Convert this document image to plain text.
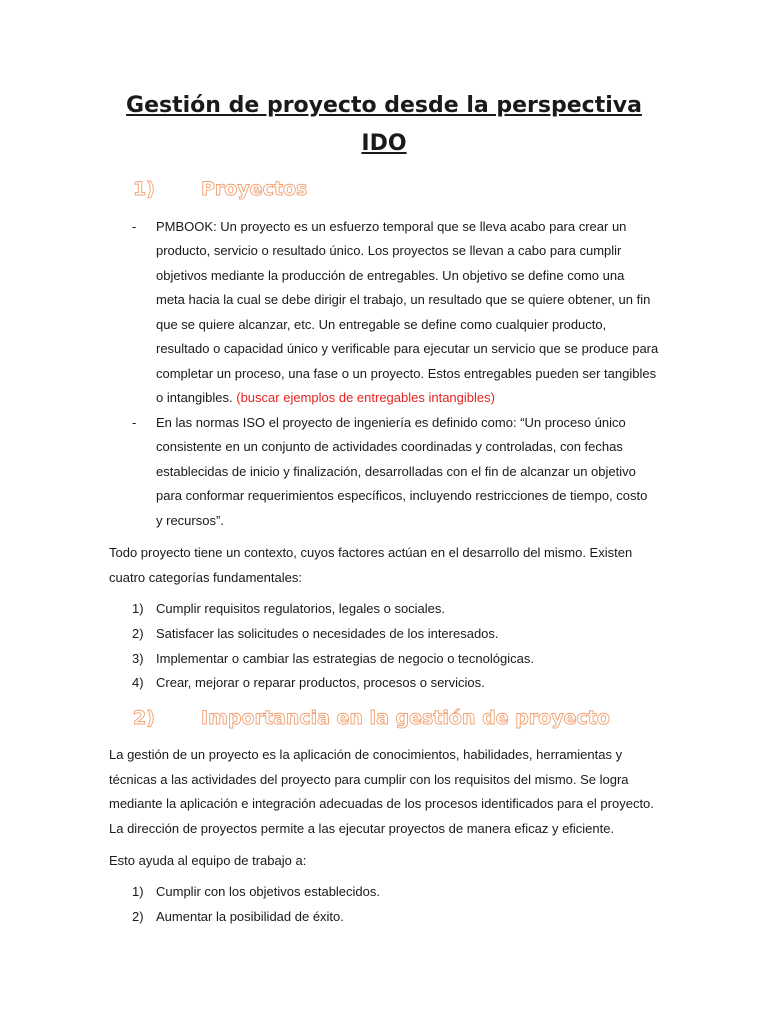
Gestión de proyecto desde la perspectiva
IDO
1) Proyectos
- PMBOOK: Un proyecto es un esfuerzo temporal que se lleva acabo para crear un
producto, servicio o resultado único. Los proyectos se llevan a cabo para cumplir
objetivos mediante la producción de entregables. Un objetivo se define como una
meta hacia la cual se debe dirigir el trabajo, un resultado que se quiere obtener, un fin
que se quiere alcanzar, etc. Un entregable se define como cualquier producto,
resultado o capacidad único y verificable para ejecutar un servicio que se produce para
completar un proceso, una fase o un proyecto. Estos entregables pueden ser tangibles
o intangibles. (buscar ejemplos de entregables intangibles)
- En las normas ISO el proyecto de ingeniería es definido como: “Un proceso único
consistente en un conjunto de actividades coordinadas y controladas, con fechas
establecidas de inicio y finalización, desarrolladas con el fin de alcanzar un objetivo
para conformar requerimientos específicos, incluyendo restricciones de tiempo, costo
y recursos”.
Todo proyecto tiene un contexto, cuyos factores actúan en el desarrollo del mismo. Existen
cuatro categorías fundamentales:
1) Cumplir requisitos regulatorios, legales o sociales.
2) Satisfacer las solicitudes o necesidades de los interesados.
3) Implementar o cambiar las estrategias de negocio o tecnológicas.
4) Crear, mejorar o reparar productos, procesos o servicios.
2) Importancia en la gestión de proyecto
La gestión de un proyecto es la aplicación de conocimientos, habilidades, herramientas y
técnicas a las actividades del proyecto para cumplir con los requisitos del mismo. Se logra
mediante la aplicación e integración adecuadas de los procesos identificados para el proyecto.
La dirección de proyectos permite a las ejecutar proyectos de manera eficaz y eficiente.
Esto ayuda al equipo de trabajo a:
1) Cumplir con los objetivos establecidos.
2) Aumentar la posibilidad de éxito.
